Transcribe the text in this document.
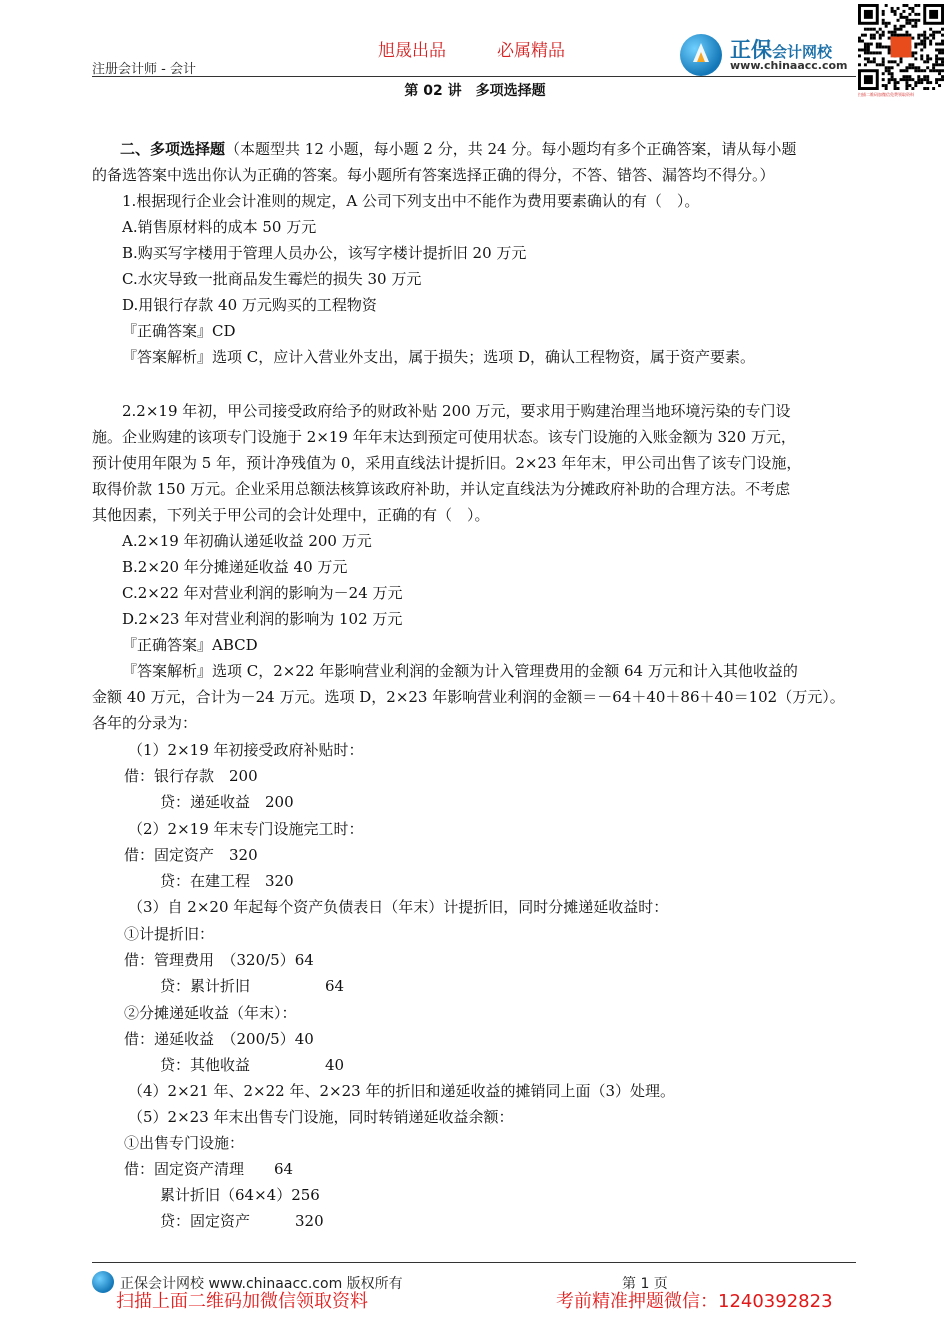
旭晟出品	必属精品
注册会计师 - 会计
正保会计网校
www.chinaacc.com
扫描二维码加微信免费领取资料
第 02 讲　多项选择题
二、多项选择题（本题型共 12 小题，每小题 2 分，共 24 分。每小题均有多个正确答案，请从每小题
的备选答案中选出你认为正确的答案。每小题所有答案选择正确的得分，不答、错答、漏答均不得分。）
1.根据现行企业会计准则的规定，A 公司下列支出中不能作为费用要素确认的有（　）。
A.销售原材料的成本 50 万元
B.购买写字楼用于管理人员办公，该写字楼计提折旧 20 万元
C.水灾导致一批商品发生霉烂的损失 30 万元
D.用银行存款 40 万元购买的工程物资
『正确答案』CD
『答案解析』选项 C，应计入营业外支出，属于损失；选项 D，确认工程物资，属于资产要素。
2.2×19 年初，甲公司接受政府给予的财政补贴 200 万元，要求用于购建治理当地环境污染的专门设
施。企业购建的该项专门设施于 2×19 年年末达到预定可使用状态。该专门设施的入账金额为 320 万元，
预计使用年限为 5 年，预计净残值为 0，采用直线法计提折旧。2×23 年年末，甲公司出售了该专门设施，
取得价款 150 万元。企业采用总额法核算该政府补助，并认定直线法为分摊政府补助的合理方法。不考虑
其他因素，下列关于甲公司的会计处理中，正确的有（　）。
A.2×19 年初确认递延收益 200 万元
B.2×20 年分摊递延收益 40 万元
C.2×22 年对营业利润的影响为－24 万元
D.2×23 年对营业利润的影响为 102 万元
『正确答案』ABCD
『答案解析』选项 C，2×22 年影响营业利润的金额为计入管理费用的金额 64 万元和计入其他收益的
金额 40 万元，合计为－24 万元。选项 D，2×23 年影响营业利润的金额＝－64＋40＋86＋40＝102（万元）。
各年的分录为：
（1）2×19 年初接受政府补贴时：
借：银行存款　200
贷：递延收益　200
（2）2×19 年末专门设施完工时：
借：固定资产　320
贷：在建工程　320
（3）自 2×20 年起每个资产负债表日（年末）计提折旧，同时分摊递延收益时：
①计提折旧：
借：管理费用　（320/5）64
贷：累计折旧　　　　　64
②分摊递延收益（年末）：
借：递延收益　（200/5）40
贷：其他收益　　　　　40
（4）2×21 年、2×22 年、2×23 年的折旧和递延收益的摊销同上面（3）处理。
（5）2×23 年末出售专门设施，同时转销递延收益余额：
①出售专门设施：
借：固定资产清理　　64
累计折旧（64×4）256
贷：固定资产　　　320
正保会计网校 www.chinaacc.com 版权所有	第 1 页
扫描上面二维码加微信领取资料	考前精准押题微信：1240392823
